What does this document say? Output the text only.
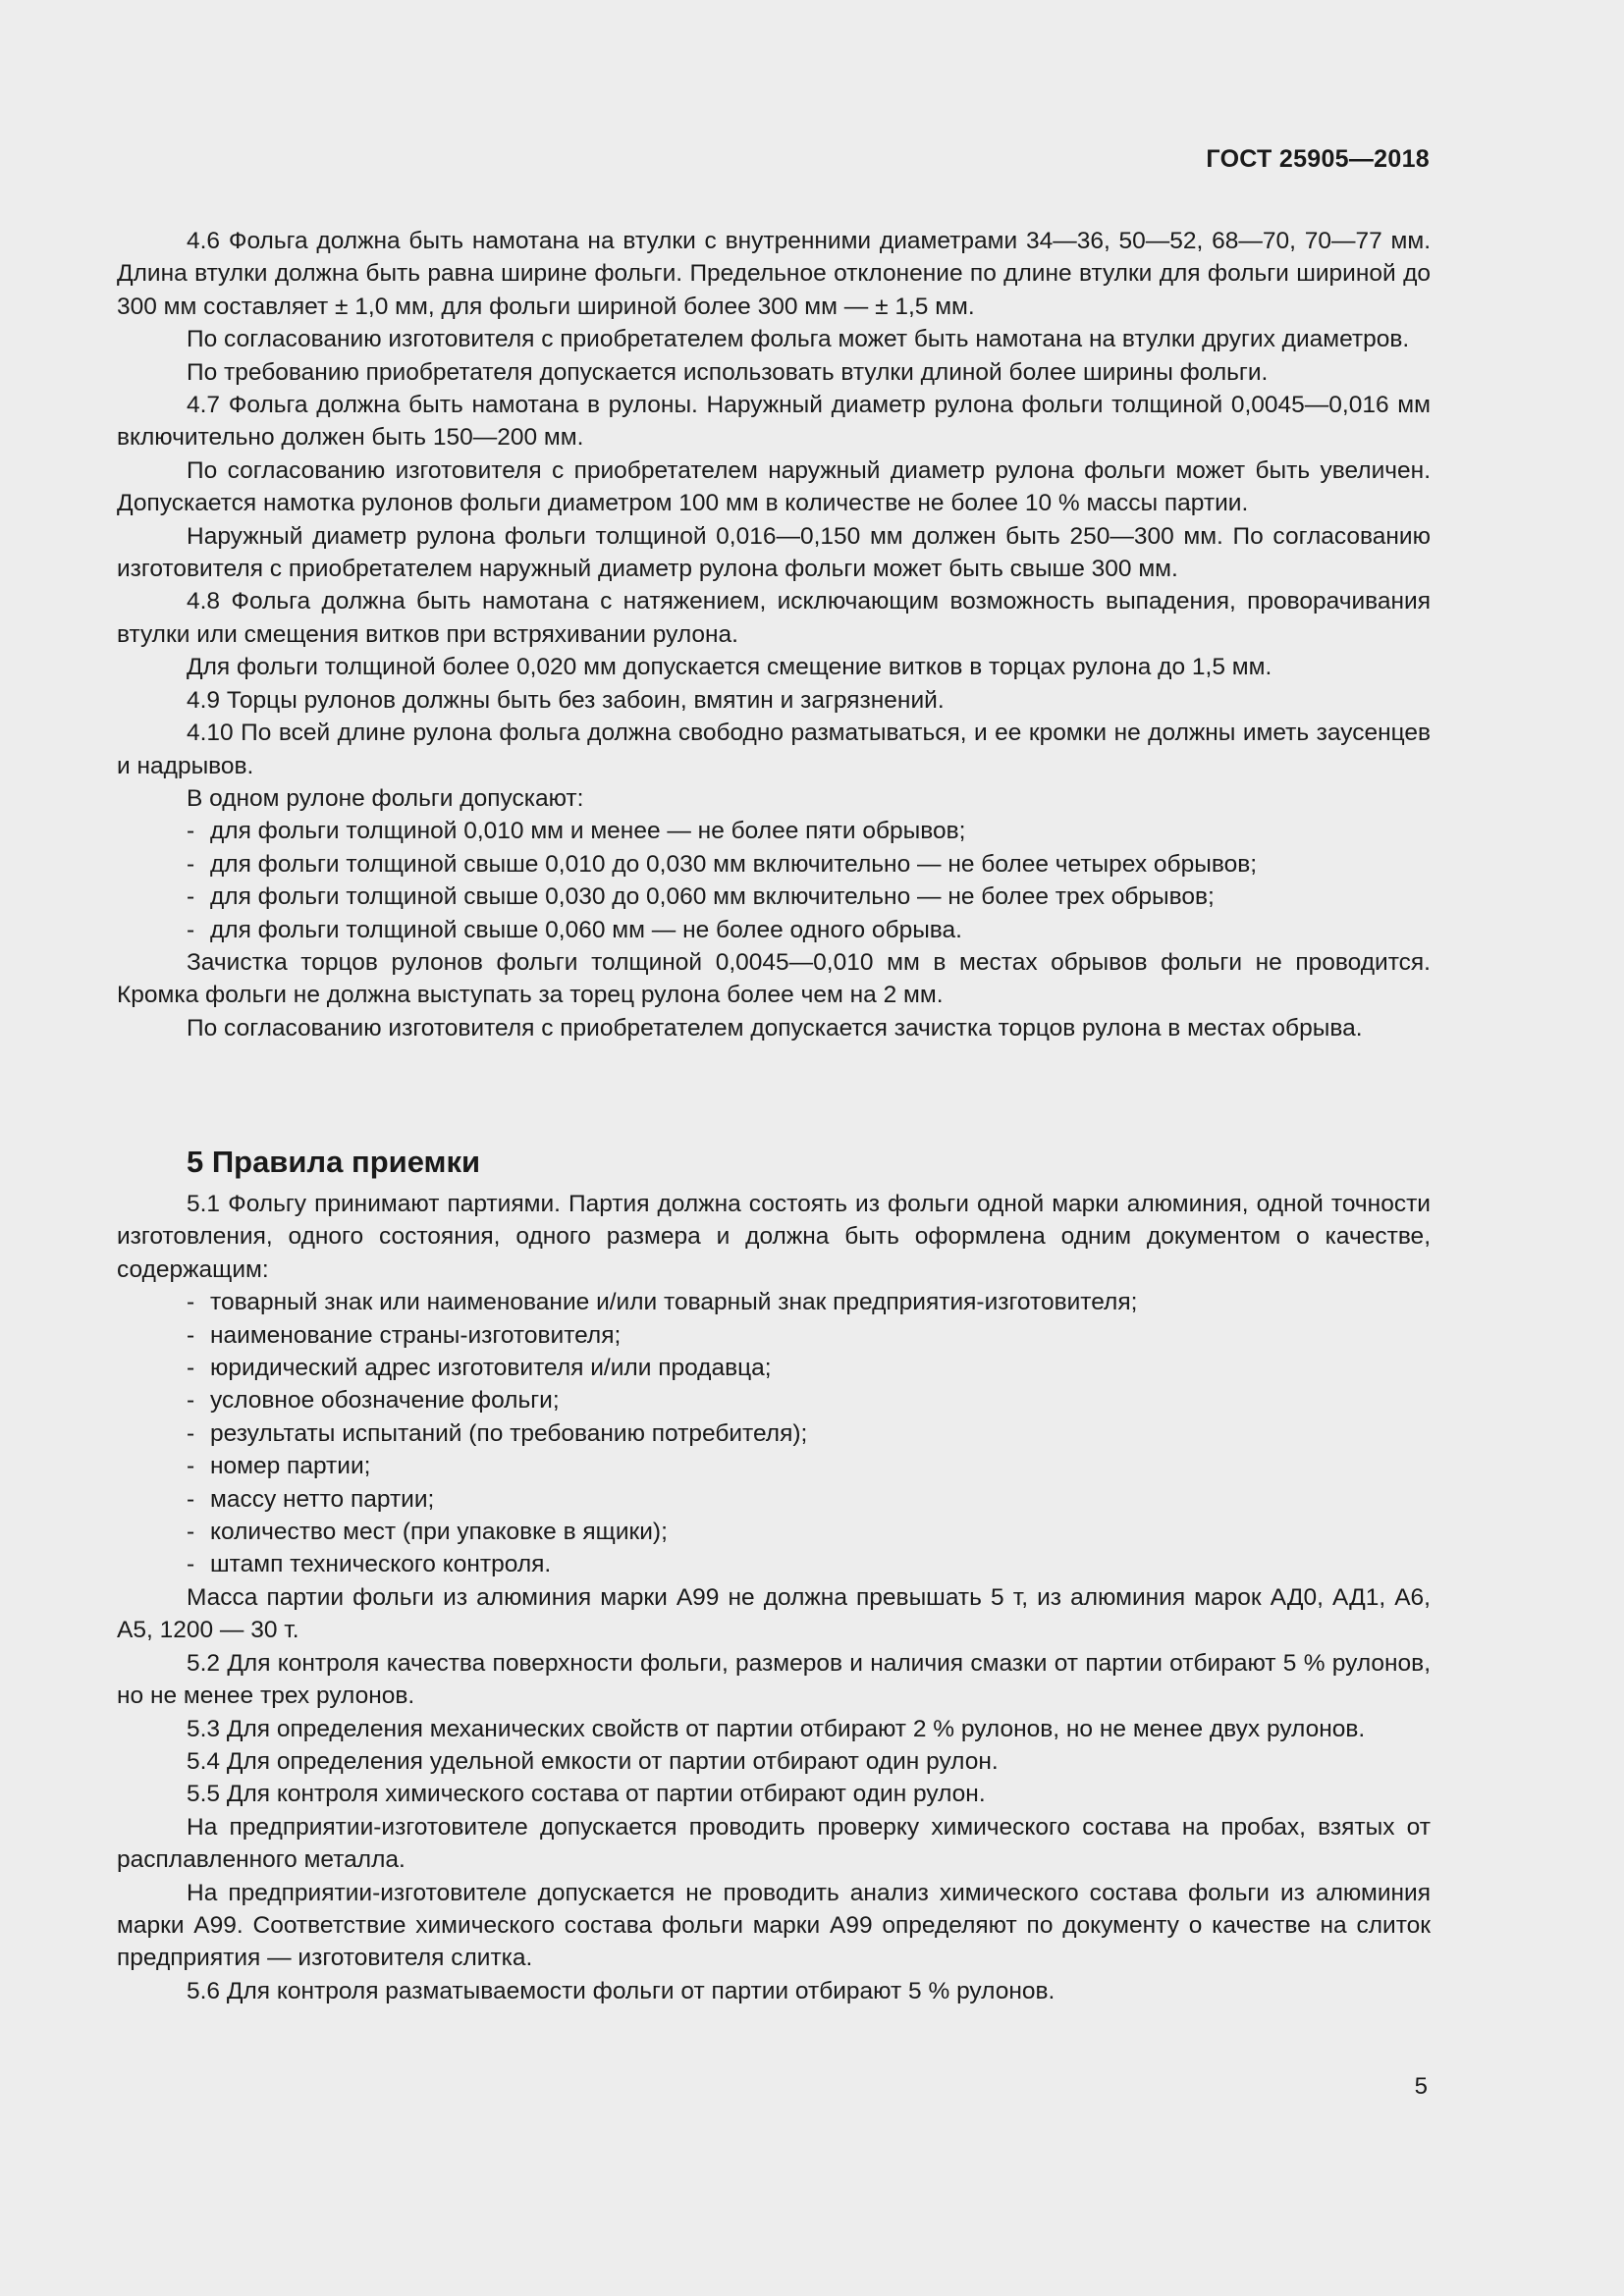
ГОСТ 25905—2018
4.6 Фольга должна быть намотана на втулки с внутренними диаметрами 34—36, 50—52, 68—70, 70—77 мм. Длина втулки должна быть равна ширине фольги. Предельное отклонение по длине втулки для фольги шириной до 300 мм составляет ± 1,0 мм, для фольги шириной более 300 мм — ± 1,5 мм.
По согласованию изготовителя с приобретателем фольга может быть намотана на втулки других диаметров.
По требованию приобретателя допускается использовать втулки длиной более ширины фольги.
4.7 Фольга должна быть намотана в рулоны. Наружный диаметр рулона фольги толщиной 0,0045—0,016 мм включительно должен быть 150—200 мм.
По согласованию изготовителя с приобретателем наружный диаметр рулона фольги может быть увеличен. Допускается намотка рулонов фольги диаметром 100 мм в количестве не более 10 % массы партии.
Наружный диаметр рулона фольги толщиной 0,016—0,150 мм должен быть 250—300 мм. По согласованию изготовителя с приобретателем наружный диаметр рулона фольги может быть свыше 300 мм.
4.8 Фольга должна быть намотана с натяжением, исключающим возможность выпадения, проворачивания втулки или смещения витков при встряхивании рулона.
Для фольги толщиной более 0,020 мм допускается смещение витков в торцах рулона до 1,5 мм.
4.9 Торцы рулонов должны быть без забоин, вмятин и загрязнений.
4.10 По всей длине рулона фольга должна свободно разматываться, и ее кромки не должны иметь заусенцев и надрывов.
В одном рулоне фольги допускают:
- для фольги толщиной 0,010 мм и менее — не более пяти обрывов;
- для фольги толщиной свыше 0,010 до 0,030 мм включительно — не более четырех обрывов;
- для фольги толщиной свыше 0,030 до 0,060 мм включительно — не более трех обрывов;
- для фольги толщиной свыше 0,060 мм — не более одного обрыва.
Зачистка торцов рулонов фольги толщиной 0,0045—0,010 мм в местах обрывов фольги не проводится. Кромка фольги не должна выступать за торец рулона более чем на 2 мм.
По согласованию изготовителя с приобретателем допускается зачистка торцов рулона в местах обрыва.
5 Правила приемки
5.1 Фольгу принимают партиями. Партия должна состоять из фольги одной марки алюминия, одной точности изготовления, одного состояния, одного размера и должна быть оформлена одним документом о качестве, содержащим:
- товарный знак или наименование и/или товарный знак предприятия-изготовителя;
- наименование страны-изготовителя;
- юридический адрес изготовителя и/или продавца;
- условное обозначение фольги;
- результаты испытаний (по требованию потребителя);
- номер партии;
- массу нетто партии;
- количество мест (при упаковке в ящики);
- штамп технического контроля.
Масса партии фольги из алюминия марки А99 не должна превышать 5 т, из алюминия марок АД0, АД1, А6, А5, 1200 — 30 т.
5.2 Для контроля качества поверхности фольги, размеров и наличия смазки от партии отбирают 5 % рулонов, но не менее трех рулонов.
5.3 Для определения механических свойств от партии отбирают 2 % рулонов, но не менее двух рулонов.
5.4 Для определения удельной емкости от партии отбирают один рулон.
5.5 Для контроля химического состава от партии отбирают один рулон.
На предприятии-изготовителе допускается проводить проверку химического состава на пробах, взятых от расплавленного металла.
На предприятии-изготовителе допускается не проводить анализ химического состава фольги из алюминия марки А99. Соответствие химического состава фольги марки А99 определяют по документу о качестве на слиток предприятия — изготовителя слитка.
5.6 Для контроля разматываемости фольги от партии отбирают 5 % рулонов.
5
